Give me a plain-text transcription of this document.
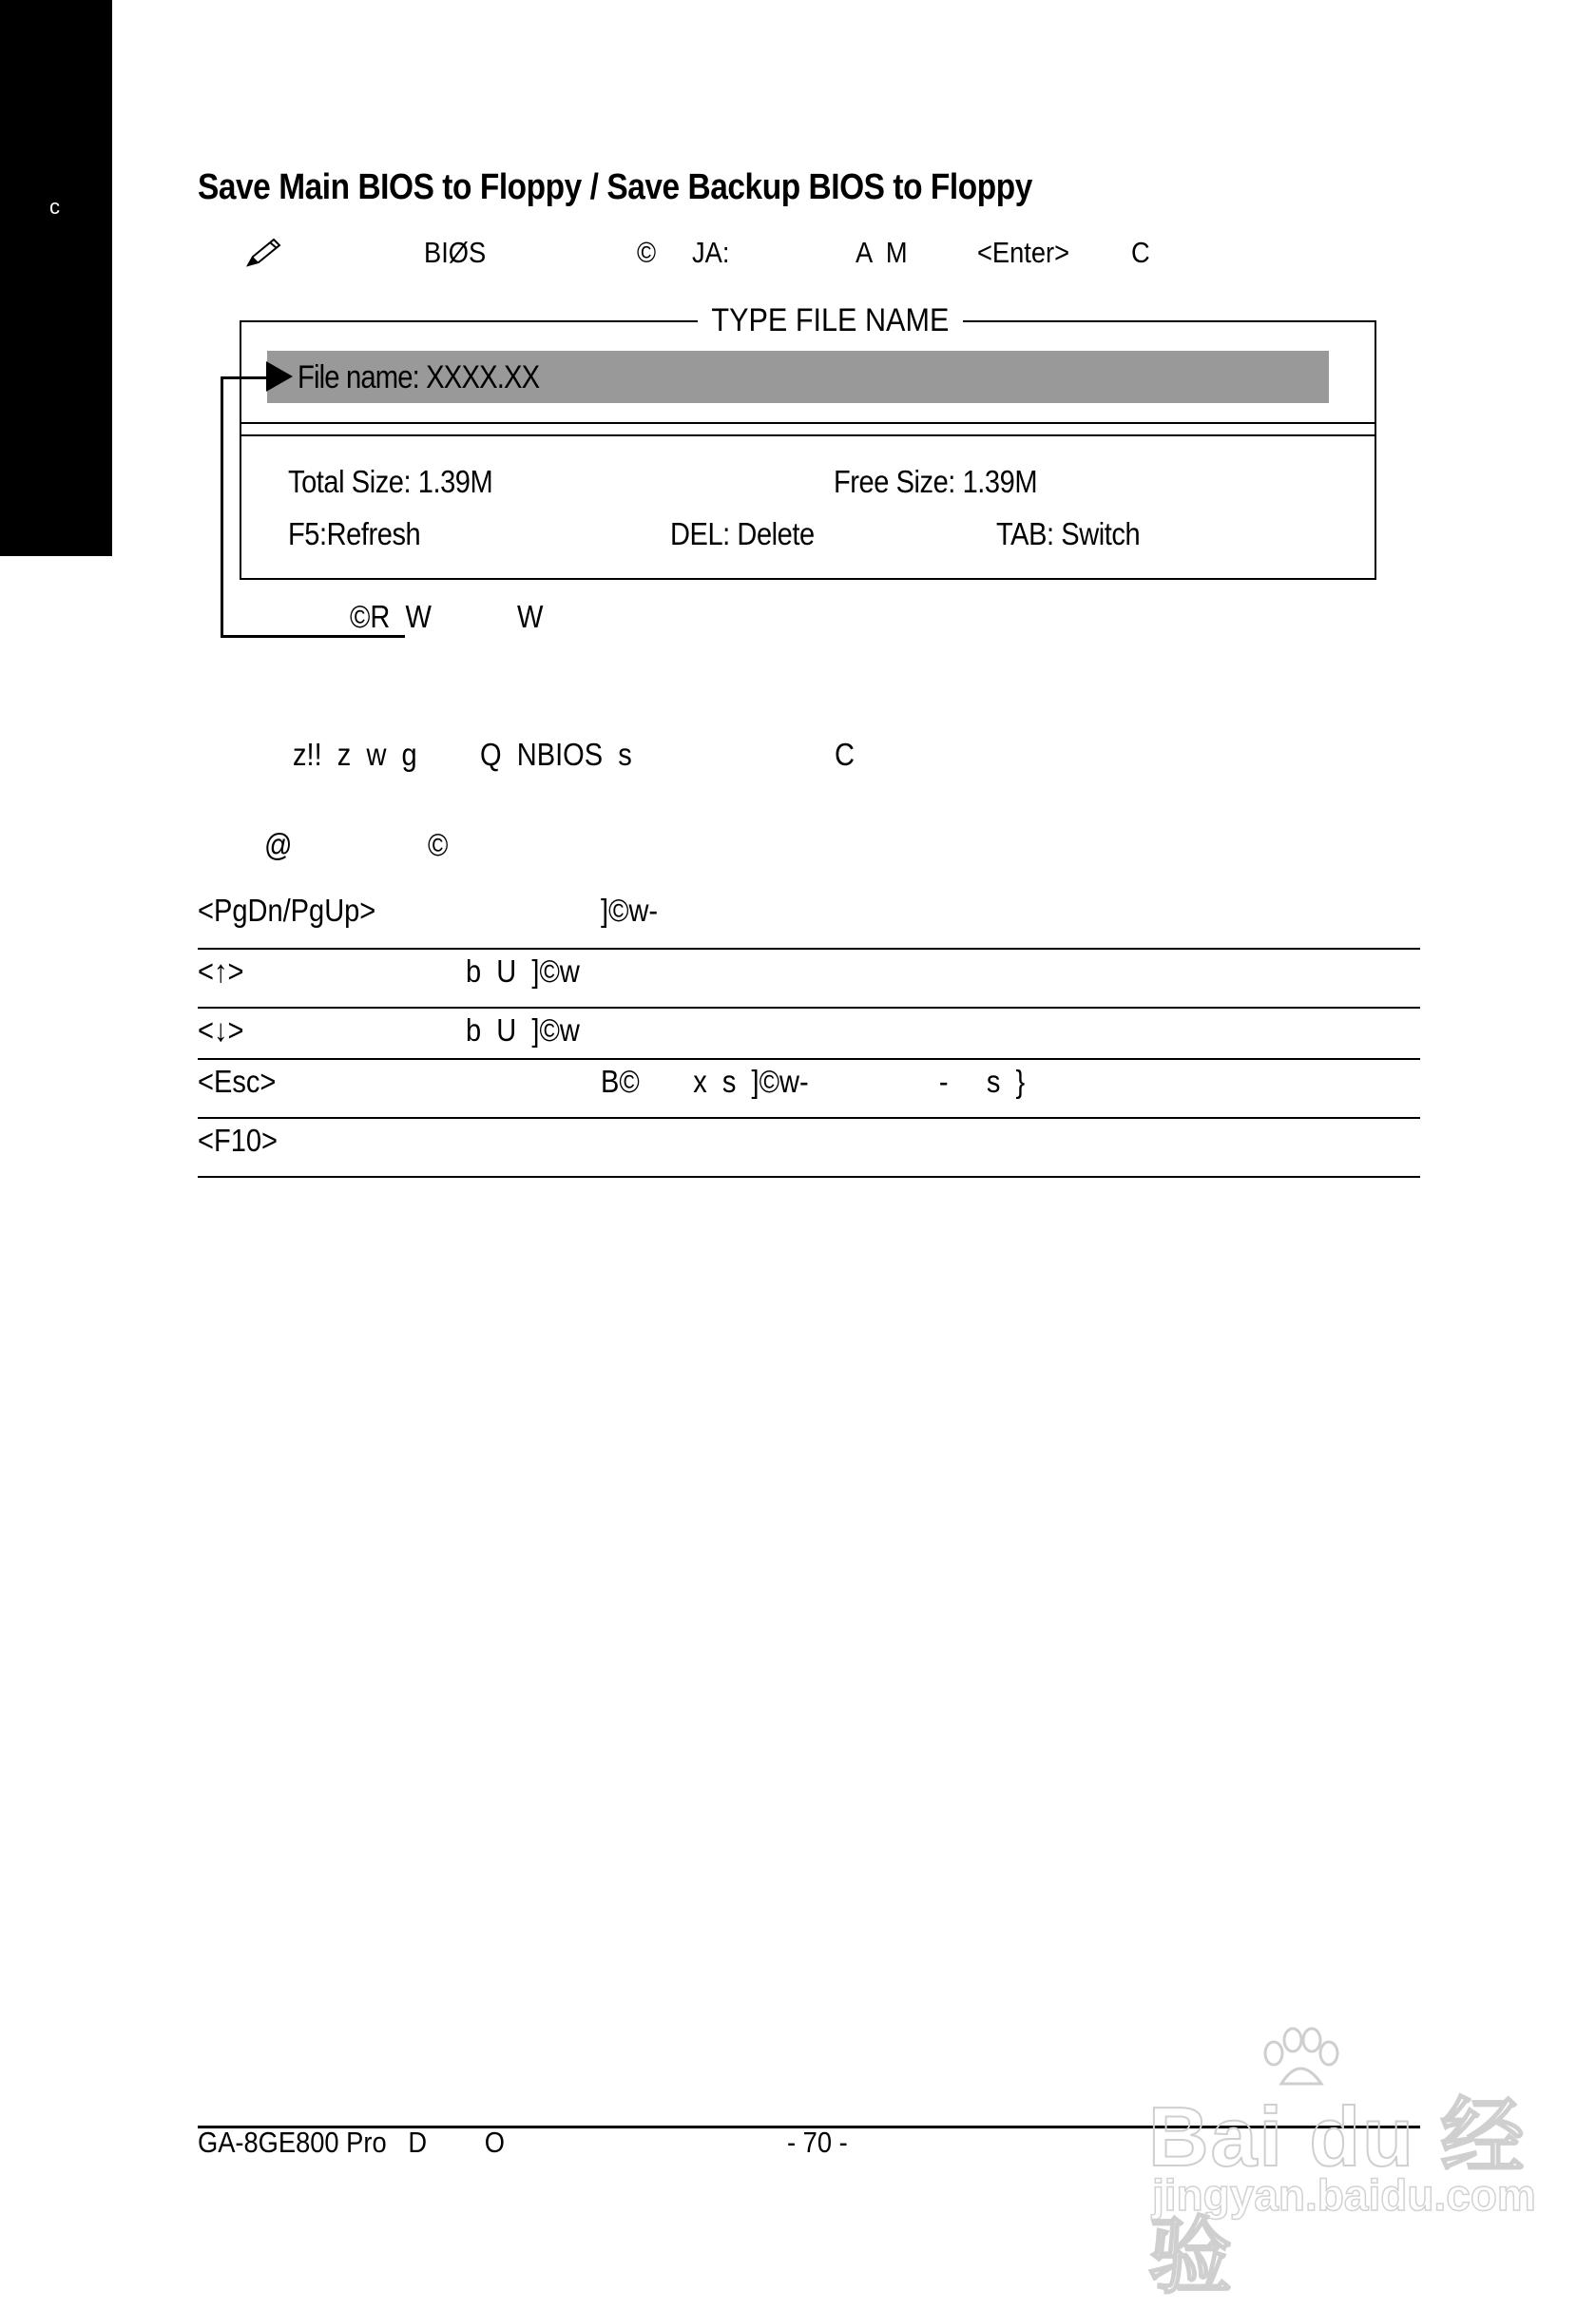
c	Save Main BIOS to Floppy / Save Backup BIOS to Floppy
BIØS	© JA:	A  M <Enter> C
TYPE FILE NAME
File name: XXXX.XX
Total Size: 1.39M	Free Size: 1.39M
F5:Refresh	DEL: Delete	TAB: Switch
©R  W	W
z!!  z  w  g Q  NBIOS  s	C
@	©
<PgDn/PgUp>	]©w-
<↑>	b  U  ]©w
<↓>	b  U  ]©w
<Esc>	B©       x  s  ]©w-                 -     s  }
<F10>
GA-8GE800 Pro   D        O	- 70 -	Bai du 经验
jingyan.baidu.com
